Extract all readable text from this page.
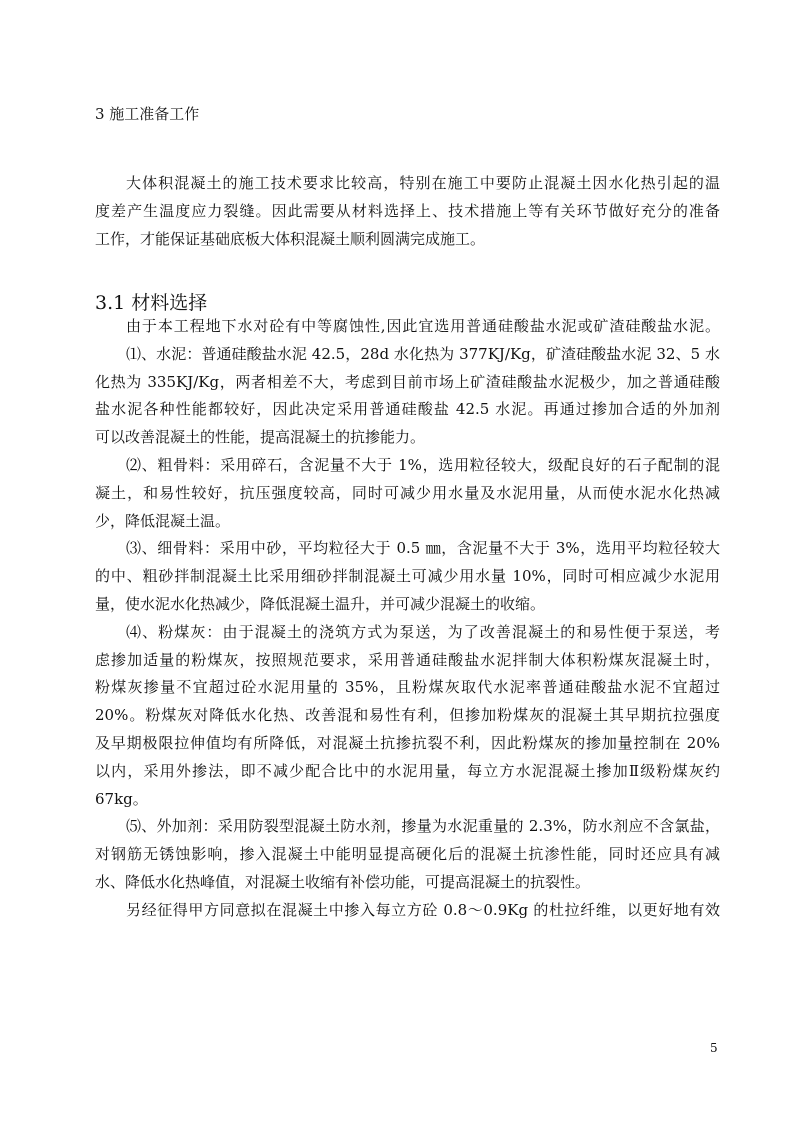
3 施工准备工作
大体积混凝土的施工技术要求比较高，特别在施工中要防止混凝土因水化热引起的温
度差产生温度应力裂缝。因此需要从材料选择上、技术措施上等有关环节做好充分的准备
工作，才能保证基础底板大体积混凝土顺利圆满完成施工。
3.1 材料选择
由于本工程地下水对砼有中等腐蚀性,因此宜选用普通硅酸盐水泥或矿渣硅酸盐水泥。
⑴、水泥：普通硅酸盐水泥 42.5，28d 水化热为 377KJ/Kg，矿渣硅酸盐水泥 32、5 水
化热为 335KJ/Kg，两者相差不大，考虑到目前市场上矿渣硅酸盐水泥极少，加之普通硅酸
盐水泥各种性能都较好，因此决定采用普通硅酸盐 42.5 水泥。再通过掺加合适的外加剂
可以改善混凝土的性能，提高混凝土的抗掺能力。
⑵、粗骨料：采用碎石，含泥量不大于 1%，选用粒径较大，级配良好的石子配制的混
凝土，和易性较好，抗压强度较高，同时可减少用水量及水泥用量，从而使水泥水化热减
少，降低混凝土温。
⑶、细骨料：采用中砂，平均粒径大于 0.5 ㎜，含泥量不大于 3%，选用平均粒径较大
的中、粗砂拌制混凝土比采用细砂拌制混凝土可减少用水量 10%，同时可相应减少水泥用
量，使水泥水化热减少，降低混凝土温升，并可减少混凝土的收缩。
⑷、粉煤灰：由于混凝土的浇筑方式为泵送，为了改善混凝土的和易性便于泵送，考
虑掺加适量的粉煤灰，按照规范要求，采用普通硅酸盐水泥拌制大体积粉煤灰混凝土时，
粉煤灰掺量不宜超过砼水泥用量的 35%，且粉煤灰取代水泥率普通硅酸盐水泥不宜超过
20%。粉煤灰对降低水化热、改善混和易性有利，但掺加粉煤灰的混凝土其早期抗拉强度
及早期极限拉伸值均有所降低，对混凝土抗掺抗裂不利，因此粉煤灰的掺加量控制在 20%
以内，采用外掺法，即不减少配合比中的水泥用量，每立方水泥混凝土掺加Ⅱ级粉煤灰约
67kg。
⑸、外加剂：采用防裂型混凝土防水剂，掺量为水泥重量的 2.3%，防水剂应不含氯盐，
对钢筋无锈蚀影响，掺入混凝土中能明显提高硬化后的混凝土抗渗性能，同时还应具有减
水、降低水化热峰值，对混凝土收缩有补偿功能，可提高混凝土的抗裂性。
另经征得甲方同意拟在混凝土中掺入每立方砼 0.8～0.9Kg 的杜拉纤维，以更好地有效
5
